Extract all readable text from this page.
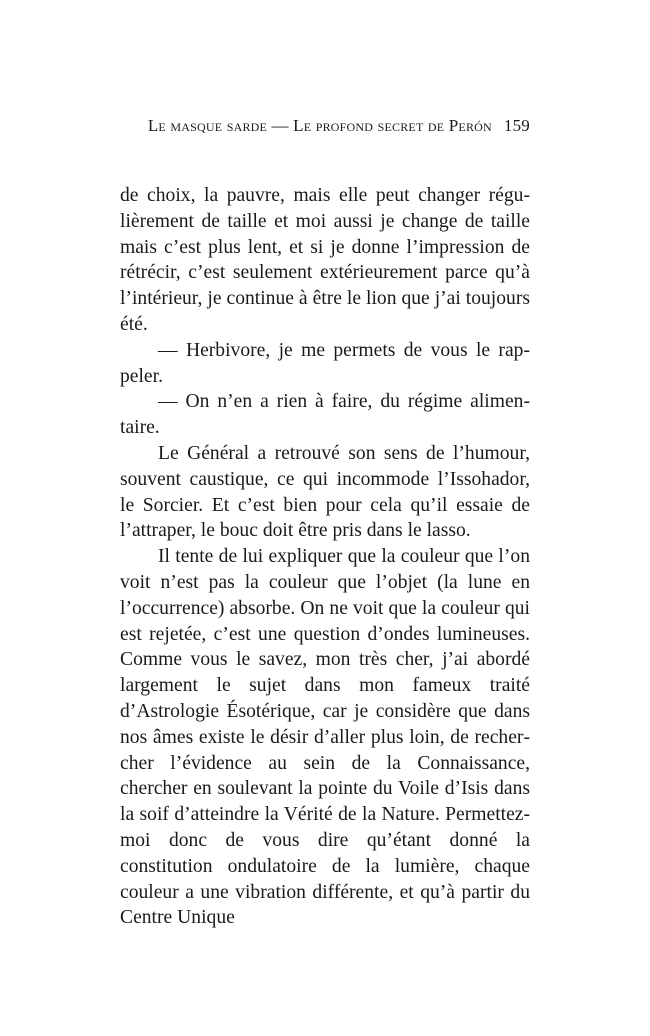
Le masque sarde — Le profond secret de Perón 159

de choix, la pauvre, mais elle peut changer régulièrement de taille et moi aussi je change de taille mais c’est plus lent, et si je donne l’impression de rétrécir, c’est seulement extérieurement parce qu’à l’intérieur, je continue à être le lion que j’ai toujours été.

— Herbivore, je me permets de vous le rappeler.

— On n’en a rien à faire, du régime alimentaire.

Le Général a retrouvé son sens de l’humour, souvent caustique, ce qui incommode l’Issohador, le Sorcier. Et c’est bien pour cela qu’il essaie de l’attraper, le bouc doit être pris dans le lasso.

Il tente de lui expliquer que la couleur que l’on voit n’est pas la couleur que l’objet (la lune en l’occurrence) absorbe. On ne voit que la couleur qui est rejetée, c’est une question d’ondes lumineuses. Comme vous le savez, mon très cher, j’ai abordé largement le sujet dans mon fameux traité d’Astrologie Ésotérique, car je considère que dans nos âmes existe le désir d’aller plus loin, de rechercher l’évidence au sein de la Connaissance, chercher en soulevant la pointe du Voile d’Isis dans la soif d’atteindre la Vérité de la Nature. Permettez-moi donc de vous dire qu’étant donné la constitution ondulatoire de la lumière, chaque couleur a une vibration différente, et qu’à partir du Centre Unique
